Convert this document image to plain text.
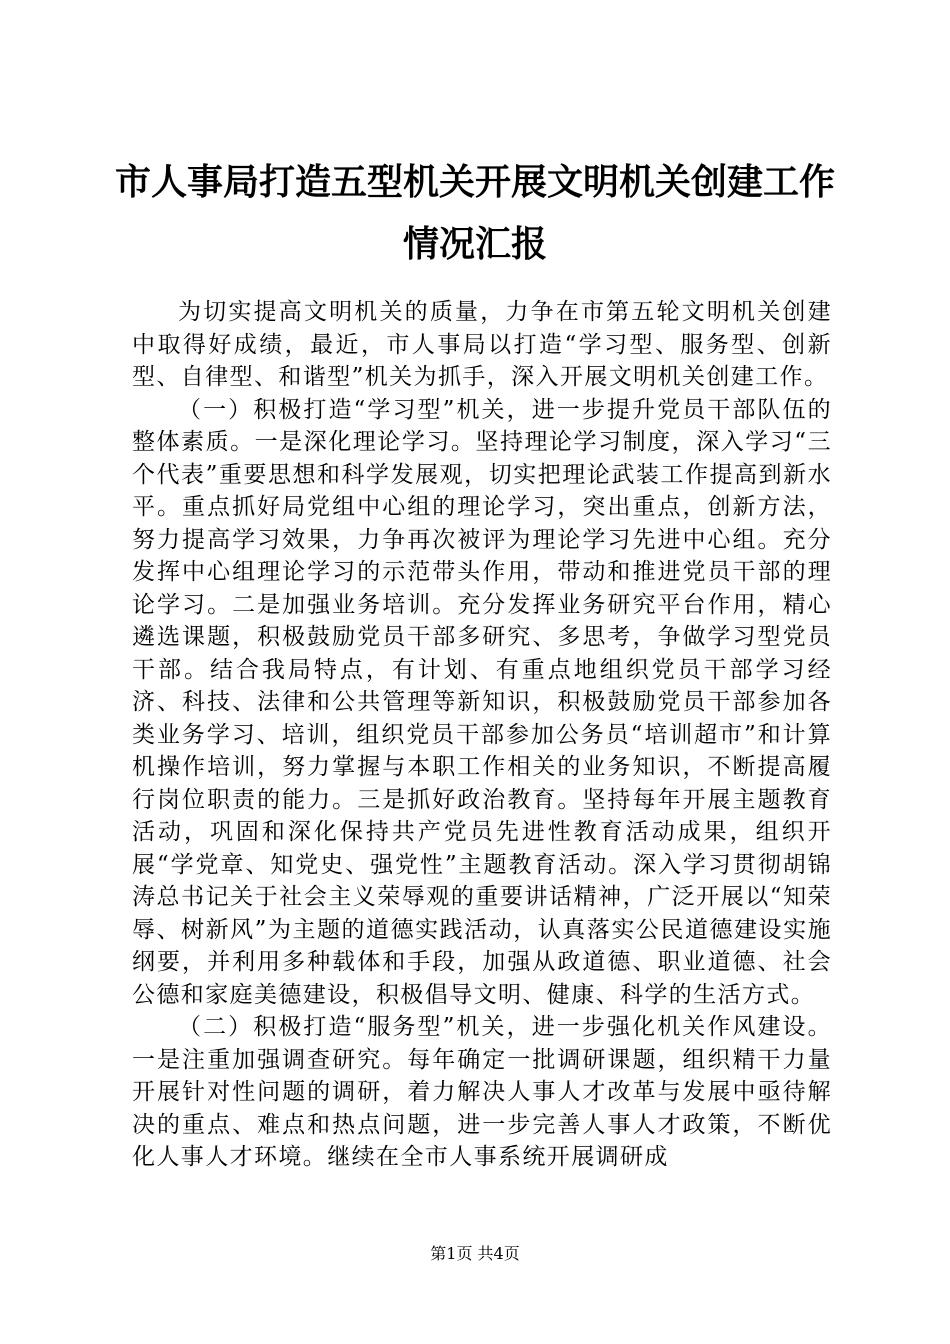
市人事局打造五型机关开展文明机关创建工作
情况汇报

为切实提高文明机关的质量，力争在市第五轮文明机关创建中取得好成绩，最近，市人事局以打造“学习型、服务型、创新型、自律型、和谐型”机关为抓手，深入开展文明机关创建工作。

（一）积极打造“学习型”机关，进一步提升党员干部队伍的整体素质。一是深化理论学习。坚持理论学习制度，深入学习“三个代表”重要思想和科学发展观，切实把理论武装工作提高到新水平。重点抓好局党组中心组的理论学习，突出重点，创新方法，努力提高学习效果，力争再次被评为理论学习先进中心组。充分发挥中心组理论学习的示范带头作用，带动和推进党员干部的理论学习。二是加强业务培训。充分发挥业务研究平台作用，精心遴选课题，积极鼓励党员干部多研究、多思考，争做学习型党员干部。结合我局特点，有计划、有重点地组织党员干部学习经济、科技、法律和公共管理等新知识，积极鼓励党员干部参加各类业务学习、培训，组织党员干部参加公务员“培训超市”和计算机操作培训，努力掌握与本职工作相关的业务知识，不断提高履行岗位职责的能力。三是抓好政治教育。坚持每年开展主题教育活动，巩固和深化保持共产党员先进性教育活动成果，组织开展“学党章、知党史、强党性”主题教育活动。深入学习贯彻胡锦涛总书记关于社会主义荣辱观的重要讲话精神，广泛开展以“知荣辱、树新风”为主题的道德实践活动，认真落实公民道德建设实施纲要，并利用多种载体和手段，加强从政道德、职业道德、社会公德和家庭美德建设，积极倡导文明、健康、科学的生活方式。

（二）积极打造“服务型”机关，进一步强化机关作风建设。一是注重加强调查研究。每年确定一批调研课题，组织精干力量开展针对性问题的调研，着力解决人事人才改革与发展中亟待解决的重点、难点和热点问题，进一步完善人事人才政策，不断优化人事人才环境。继续在全市人事系统开展调研成

第1页 共4页
